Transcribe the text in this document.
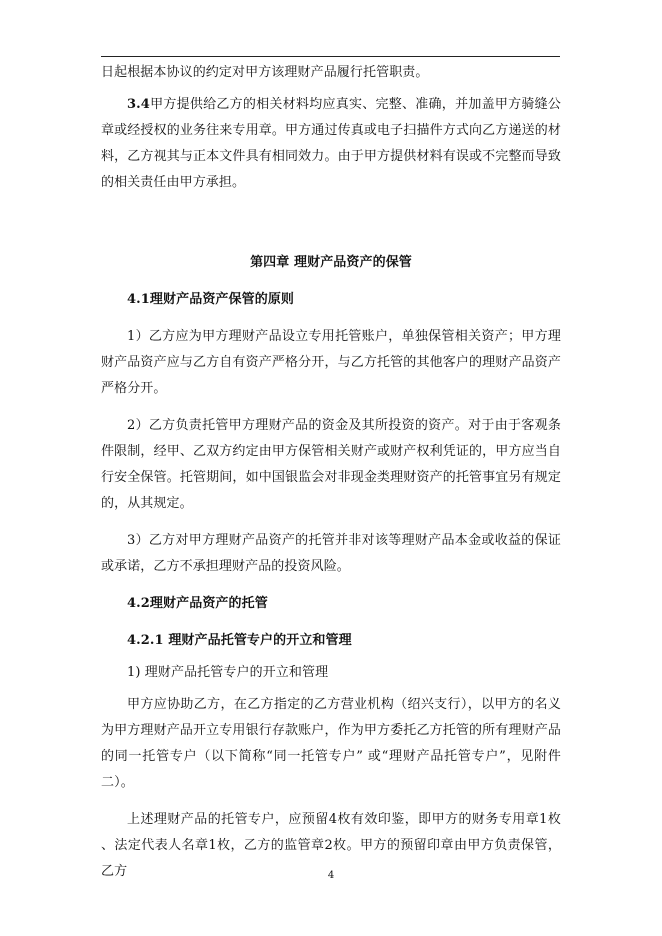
日起根据本协议的约定对甲方该理财产品履行托管职责。

3.4甲方提供给乙方的相关材料均应真实、完整、准确，并加盖甲方骑缝公章或经授权的业务往来专用章。甲方通过传真或电子扫描件方式向乙方递送的材料，乙方视其与正本文件具有相同效力。由于甲方提供材料有误或不完整而导致的相关责任由甲方承担。

第四章 理财产品资产的保管

4.1理财产品资产保管的原则

1）乙方应为甲方理财产品设立专用托管账户，单独保管相关资产；甲方理财产品资产应与乙方自有资产严格分开，与乙方托管的其他客户的理财产品资产严格分开。

2）乙方负责托管甲方理财产品的资金及其所投资的资产。对于由于客观条件限制，经甲、乙双方约定由甲方保管相关财产或财产权利凭证的，甲方应当自行安全保管。托管期间，如中国银监会对非现金类理财资产的托管事宜另有规定的，从其规定。

3）乙方对甲方理财产品资产的托管并非对该等理财产品本金或收益的保证或承诺，乙方不承担理财产品的投资风险。

4.2理财产品资产的托管

4.2.1 理财产品托管专户的开立和管理

1) 理财产品托管专户的开立和管理

甲方应协助乙方，在乙方指定的乙方营业机构（绍兴支行），以甲方的名义为甲方理财产品开立专用银行存款账户，作为甲方委托乙方托管的所有理财产品的同一托管专户（以下简称“同一托管专户” 或“理财产品托管专户”，见附件二）。

上述理财产品的托管专户，应预留4枚有效印鉴，即甲方的财务专用章1枚 、法定代表人名章1枚，乙方的监管章2枚。甲方的预留印章由甲方负责保管，乙方	4
